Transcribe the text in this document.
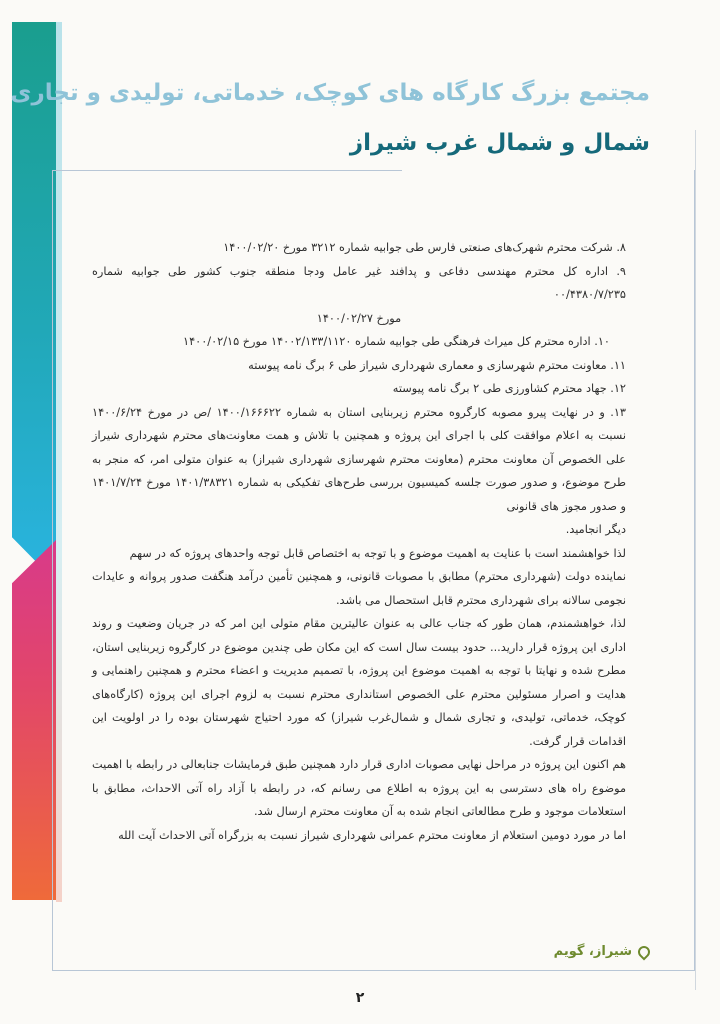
مجتمع بزرگ کارگاه های کوچک، خدماتی، تولیدی و تجاری
شمال و شمال غرب شیراز

۸. شرکت محترم شهرک‌های صنعتی فارس طی جوابیه شماره ۳۲۱۲ مورخ ۱۴۰۰/۰۲/۲۰

۹. اداره کل محترم مهندسی دفاعی و پدافند غیر عامل ودجا منطقه جنوب کشور طی جوابیه شماره ۰۰/۴۳۸۰/۷/۲۳۵

مورخ ۱۴۰۰/۰۲/۲۷

۱۰. اداره محترم کل میراث فرهنگی طی جوابیه شماره ۱۴۰۰۲/۱۳۳/۱۱۲۰ مورخ ۱۴۰۰/۰۲/۱۵

۱۱. معاونت محترم شهرسازی و معماری شهرداری شیراز طی ۶ برگ نامه پیوسته

۱۲. جهاد محترم کشاورزی طی ۲ برگ نامه پیوسته

۱۳. و در نهایت پیرو مصوبه کارگروه محترم زیربنایی استان به شماره ۱۴۰۰/۱۶۶۶۲۲ /ص در مورخ ۱۴۰۰/۶/۲۴ نسبت به اعلام موافقت کلی با اجرای این پروژه و همچنین با تلاش و همت معاونت‌های محترم شهرداری شیراز علی الخصوص آن معاونت محترم (معاونت محترم شهرسازی شهرداری شیراز) به عنوان متولی امر، که منجر به طرح موضوع، و صدور صورت جلسه کمیسیون بررسی طرح‌های تفکیکی به شماره ۱۴۰۱/۳۸۳۲۱ مورخ ۱۴۰۱/۷/۲۴ و صدور مجوز های قانونی

دیگر انجامید.

لذا خواهشمند است با عنایت به اهمیت موضوع و با توجه به اختصاص قابل توجه واحدهای پروژه که در سهم

نماینده دولت (شهرداری محترم) مطابق با مصوبات قانونی، و همچنین تأمین درآمد هنگفت صدور پروانه و عایدات نجومی سالانه برای شهرداری محترم قابل استحصال می باشد.

لذا، خواهشمندم، همان طور که جناب عالی به عنوان عالیترین مقام متولی این امر که در جریان وضعیت و روند اداری این پروژه قرار دارید... حدود بیست سال است که این مکان طی چندین موضوع در کارگروه زیربنایی استان، مطرح شده و نهایتا با توجه به اهمیت موضوع این پروژه، با تصمیم مدیریت و اعضاء محترم و همچنین راهنمایی و هدایت و اصرار مسئولین محترم علی الخصوص استانداری محترم نسبت به لزوم اجرای این پروژه (کارگاه‌های کوچک، خدماتی، تولیدی، و تجاری شمال و شمال‌غرب شیراز) که مورد احتیاج شهرستان بوده را در اولویت این اقدامات قرار گرفت.

هم اکنون این پروژه در مراحل نهایی مصوبات اداری قرار دارد همچنین طبق فرمایشات جنابعالی در رابطه با اهمیت موضوع راه های دسترسی به این پروژه به اطلاع می رسانم که، در رابطه با آزاد راه آتی الاحداث، مطابق با استعلامات موجود و طرح مطالعاتی انجام شده به آن معاونت محترم ارسال شد.

اما در مورد دومین استعلام از معاونت محترم عمرانی شهرداری شیراز نسبت به بزرگراه آتی الاحداث آیت الله

شیراز، گویم
۲
